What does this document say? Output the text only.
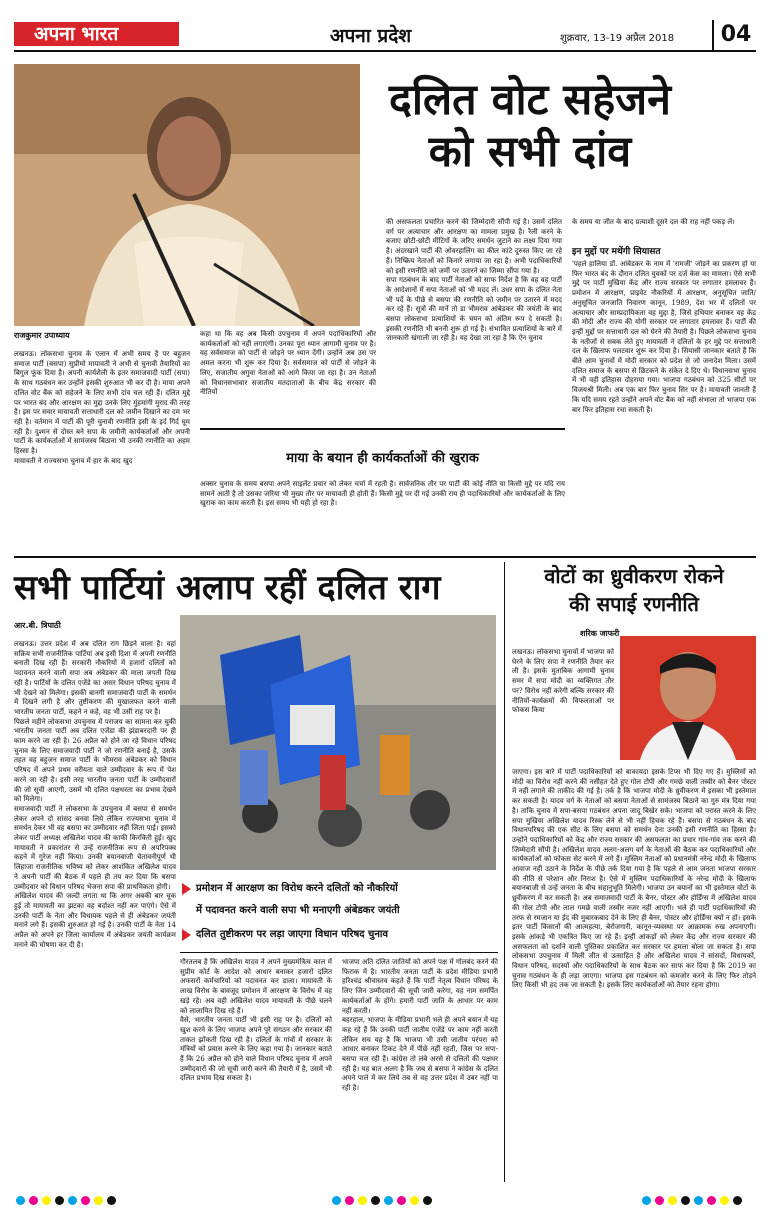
अपना भारत	अपना प्रदेश	शुक्रवार, 13-19 अप्रैल 2018	04
दलित वोट सहेजने
को सभी दांव
राजकुमार उपाध्याय
लखनऊ। लोकसभा चुनाव के एलान में अभी समय है पर बहुजन समाज पार्टी (बसपा) सुप्रीमो मायावती ने अभी से चुनावी तैयारियों का बिगुल फूंक दिया है। अपनी कार्यशैली के इतर समाजवादी पार्टी (सपा) के साथ गठबंधन कर उन्होंने इसकी शुरुआत भी कर दी है। माया अपने दलित वोट बैंक को सहेजने के लिए सभी दांव चल रही हैं। दलित मुद्दे पर भारत बंद और आरक्षण का मुद्दा उनके लिए मुंहमांगी मुराद की तरह है। इस पर सवार मायावती सत्ताधारी दल को जमीन दिखाने का दम भर रही है। वर्तमान में पार्टी की पूरी चुनावी रणनीति इसी के इर्द गिर्द घूम रही है। दुश्मन से दोस्त बने सपा के जमीनी कार्यकर्ताओं और अपनी पार्टी के कार्यकर्ताओं में सामंजस्य बिठाना भी उनकी रणनीति का अहम हिस्सा है।
मायावती ने राज्यसभा चुनाव में हार के बाद खुद
कहा था कि वह अब किसी उपचुनाव में अपने पदाधिकारियों और कार्यकर्ताओं को नहीं लगाएंगी। उनका पूरा ध्यान आगामी चुनाव पर है। वह सर्वसमाज को पार्टी से जोड़ने पर ध्यान देंगी। उन्होंने अब उस पर अमल करना भी शुरू कर दिया है। सर्वसमाज को पार्टी से जोड़ने के लिए, सजातीय अगुवा नेताओं को आगे किया जा रहा है। उन नेताओं को विधानसभावार सजातीय मतदाताओं के बीच केंद्र सरकार की नीतियों
की असफलता प्रचारित करने की जिम्मेदारी सौंपी गई है। उसमें दलित वर्ग पर अत्याचार और आरक्षण का मामला प्रमुख है। रैली करने के बजाए छोटी-छोटी मीटिंगों के जरिए समर्थन जुटाने का लक्ष्य दिया गया है। अंदरखाने पार्टी की ओवरहालिंग का कील कांटे दुरुस्त किए जा रहे हैं। निष्क्रिय नेताओं को किनारे लगाया जा रहा है। अभी पदाधिकारियों को इसी रणनीति को जमीं पर उतारने का जिम्मा सौंपा गया है।
सपा गठबंधन के बाद पार्टी नेताओं को साफ निर्देश है कि वह वह पार्टी के आदेशानों में सपा नेताओं को भी मदद लें। उधर सपा के दलित नेता भी पर्दे के पीछे से बसपा की रणनीति को जमीन पर उतारने में मदद कर रहे हैं। सूत्रों की मानें तो डा भीमराव आंबेडकर की जयंती के बाद बसपा लोकसभा प्रत्याशियों के चयन को अंतिम रूप दे सकती है। इसकी रणनीति भी बननी शुरू हो गई है। संभावित प्रत्याशियों के बारे में जानकारी खंगाली जा रही है। यह देखा जा रहा है कि ऐन चुनाव
के समय या जीत के बाद प्रत्याशी दूसरे दल की राह नहीं पकड़ लें।
इन मुद्दों पर मथेंगी सियासत
'पहले हालिया डॉ. आंबेडकर के नाम में 'रामजी' जोड़ने का प्रकरण हो या फिर भारत बंद के दौरान दलित युवकों पर दर्ज केस का मामला। ऐसे सभी मुद्दे पर पार्टी मुखिया केंद्र और राज्य सरकार पर लगातार हमलावर हैं। प्रमोशन में आरक्षण, प्राइवेट नौकरियों में आरक्षण, अनुसूचित जाति/अनुसूचित जनजाति निवारण कानून, 1989, देश भर में दलितों पर अत्याचार और साम्प्रदायिकता वह मुद्दा है, जिसे हथियार बनाकर वह केंद्र की मोदी और राज्य की योगी सरकार पर लगातार हमलावर हैं। पार्टी की इन्हीं मुद्दों पर सत्ताधारी दल को घेरने की तैयारी है। पिछले लोकसभा चुनाव के नतीजों से सबक लेते हुए मायावती ने दलितों के हर मुद्दे पर सत्ताधारी दल के खिलाफ पलटवार शुरू कर दिया है। सियासी जानकार बताते हैं कि बीते आम चुनावों में मोदी सरकार को प्रदेश से जो जनादेश मिला। उसमें दलित समाज के बसपा से छिटकने के संकेत दे दिए थे। विधानसभा चुनाव में भी वही इतिहास दोहराया गया। भाजपा गठबंधन को 325 सीटों पर विजयश्री मिली। अब एक बार फिर चुनाव सिर पर है। मायावती जानती हैं कि यदि समय रहते उन्होंने अपने वोट बैंक को नहीं संभाला तो भाजपा एक बार फिर इतिहास रचा सकती है।
माया के बयान ही कार्यकर्ताओं की खुराक
अक्सर चुनाव के समय बसपा अपने साइलेंट प्रचार को लेकर चर्चा में रहती है। सार्वजनिक तौर पर पार्टी की कोई नीति या किसी मुद्दे पर यदि राय सामने आती है तो उसका जरिया भी मुख्य तौर पर मायावती ही होती हैं। किसी मुद्दे पर दी गई उनकी राय ही पदाधिकारियों और कार्यकर्ताओं के लिए खुराक का काम करती है। इस समय भी यही हो रहा है।
सभी पार्टियां अलाप रहीं दलित राग
आर.बी. त्रिपाठी
लखनऊ। उत्तर प्रदेश में अब दलित राग छिड़ने वाला है। वहां सक्रिय सभी राजनीतिक पार्टियां अब इसी दिशा में अपनी रणनीति बनाती दिख रही हैं। सरकारी नौकरियों में हजारों दलितों को पदावनत करने वाली सपा अब अंबेडकर की माला जपती दिख रही है। पार्टियों के दलित एजेंडे का असर विधान परिषद चुनाव में भी देखने को मिलेगा। इसकी बानगी समाजवादी पार्टी के समर्थन में दिखने लगी है और तुष्टीकरण की मुखालफत करने वाली भारतीय जनता पार्टी, कहने न कहे, वह भी उसी राह पर है।
पिछले महीने लोकसभा उपचुनाव में पराजय का सामना कर चुकी भारतीय जनता पार्टी अब दलित एजेंडा की झंडाबरदारी पर ही काम करने जा रही है। 26 अप्रैल को होने जा रहे विधान परिषद चुनाव के लिए समाजवादी पार्टी ने जो रणनीति बनाई है, उसके तहत वह बहुजन समाज पार्टी के भीमराव अंबेडकर को विधान परिषद में अपने प्रथम वरीयता वाले उम्मीदवार के रूप में पेश करने जा रही है। इसी तरह भारतीय जनता पार्टी के उम्मीदवारों की जो सूची आएगी, उसमें भी दलित पक्षधरता का प्रभाव देखने को मिलेगा।
समाजवादी पार्टी ने लोकसभा के उपचुनाव में बसपा से समर्थन लेकर अपने दो सांसद बनवा लिये लेकिन राज्यसभा चुनाव में समर्थन देकर भी वह बसपा का उम्मीदवार नहीं जिता पाई। इसको लेकर पार्टी अध्यक्ष अखिलेश यादव की काफी किरकिरी हुई। खुद मायावती ने प्रकारांतर से उन्हें राजनीतिक रूप से अपरिपक्व कहने में गुरेज नहीं किया। उनकी बयानबाजी चेतावनीपूर्ण थी लिहाजा राजनीतिक भविष्य को लेकर आशंकित अखिलेश यादव ने अपनी पार्टी की बैठक में पहले ही तय कर दिया कि बसपा उम्मीदवार को विधान परिषद भेजना सपा की प्राथमिकता होगी।
अखिलेश यादव की जल्दी लगता था कि अगर अबकी बार चूक हुई तो मायावती का झटका वह बर्दाश्त नहीं कर पाएंगे। ऐसे में उनकी पार्टी के नेता और विधायक पहले से ही अंबेडकर जयंती मनाने लगे हैं। इसकी शुरुआत हो गई है। उनकी पार्टी के नेता 14 अप्रैल को अपने हर जिला कार्यालय में अंबेडकर जयंती कार्यक्रम मनाने की घोषणा कर दी है।
प्रमोशन में आरक्षण का विरोध करने दलितों को नौकरियों
में पदावनत करने वाली सपा भी मनाएगी अंबेडकर जयंती
दलित तुष्टीकरण पर लड़ा जाएगा विधान परिषद चुनाव
गौरतलब है कि अखिलेश यादव ने अपने मुख्यमंत्रित्व काल में सुप्रीम कोर्ट के आदेश को आधार बनाकर हजारों दलित अफसरों कर्मचारियों को पदावनत कर डाला। मायावती के लाख विरोध के बावजूद प्रमोशन में आरक्षण के विरोध में वह खड़े रहे। अब वही अखिलेश यादव मायावती के पीछे चलने को लालायित दिख रहे हैं।
वैसे, भारतीय जनता पार्टी भी इसी राह पर है। दलितों को खुश करने के लिए भाजपा अपने पूरे संगठन और सरकार की ताकत झोंकती दिख रही है। दलितों के गांवों में सरकार के मंत्रियों को प्रवास करने के लिए कहा गया है। जानकार बताते हैं कि 26 अप्रैल को होने वाले विधान परिषद चुनाव में अपने उम्मीदवारों की जो सूची जारी करने की तैयारी में है, उसमें भी दलित प्रभाव दिख सकता है।
भाजपा अति दलित जातियों को अपने पक्ष में गोलबंद करने की फिराक में है। भारतीय जनता पार्टी के प्रदेश मीडिया प्रभारी हरिश्चंद्र श्रीवास्तव कहते हैं कि पार्टी नेतृत्व विधान परिषद के लिए जिन उम्मीदवारों की सूची जारी करेगा, वह नाम समर्पित कार्यकर्ताओं के होंगे। हमारी पार्टी जाति के आधार पर काम नहीं करती।
बहरहाल, भाजपा के मीडिया प्रभारी भले ही अपने बयान में यह कह रहे हैं कि उनकी पार्टी जातीय एजेंडे पर काम नहीं करती लेकिन सच यह है कि भाजपा भी उसी जातीय परंपरा को आधार बनाकर टिकट देने में पीछे नहीं रहती, जिस पर सपा-बसपा चल रही हैं। कांग्रेस तो लंबे अरसे से दलितों की पक्षधर रही है। यह बात अलग है कि जब से बसपा ने कांग्रेस के दलित अपने पाले में कर लिये तब से वह उत्तर प्रदेश में उबर नहीं पा रही है।
वोटों का ध्रुवीकरण रोकने
की सपाई रणनीति
शरिक जाफरी
लखनऊ। लोकसभा चुनावों में भाजपा को घेरने के लिए सपा ने रणनीति तैयार कर ली है। इसके मुताबिक आगामी चुनाव समर में सपा मोदी का व्यक्तिगत तौर पर? विरोध नहीं करेगी बल्कि सरकार की नीतियों-कार्यक्रमों की विफलताओं पर फोकस किया
जाएगा। इस बारे में पार्टी पदाधिकारियों को बाकायदा इसके टिप्स भी दिए गए हैं। मुस्लिमों को मोदी का विरोध नहीं करने की नसीहत देते हुए गोल टोपी और गमछे वाली तस्वीर को बैनर पोस्टर में नहीं लगाने की ताकीद की गई है। तर्क है कि भाजपा मोदी के ध्रुवीकरण में इसका भी इस्तेमाल कर सकती है। यादव वर्ग के नेताओं को बसपा नेताओं से सामंजस्य बिठाने का गुरु मंत्र दिया गया है। ताकि चुनाव में सपा-बसपा गठबंधन अपना जादू बिखेर सके। भाजपा को परास्त करने के लिए सपा मुखिया अखिलेश यादव रिस्क लेने से भी नहीं हिचक रहे हैं। बसपा से गठबंधन के बाद विधानपरिषद की एक सीट के लिए बसपा को समर्थन देना उनकी इसी रणनीति का हिस्सा है। उन्होंने पदाधिकारियों को केंद्र और राज्य सरकार की असफलता का प्रचार गांव-गांव तक करने की जिम्मेदारी सौंपी है। अखिलेश यादव अलग-अलग वर्ग के नेताओं की बैठक कर पदाधिकारियों और कार्यकर्ताओं को फोकस सेट करने में लगे हैं। मुस्लिम नेताओं को प्रधानमंत्री नरेन्द्र मोदी के खिलाफ आवाज नहीं उठाने के निर्देश के पीछे तर्क दिया गया है कि पहले से आम जनता भाजपा सरकार की नीति से परेशान और निराश है। ऐसे में मुस्लिम पदाधिकारियों के नरेन्द्र मोदी के खिलाफ बयानबाजी से उन्हें जनता के बीच सहानुभूति मिलेगी। भाजपा उन बयानों का भी इस्तेमाल वोटों के ध्रुवीकरण में कर सकती है। अब समाजवादी पार्टी के बैनर, पोस्टर और होर्डिंग्स में अखिलेश यादव की गोल टोपी और लाल गमछे वाली तस्वीर नजर नहीं आएगी। भले ही पार्टी पदाधिकारियों की तरफ से रमजान या ईद की मुबारकबाद देने के लिए ही बैनर, पोस्टर और होर्डिंग्स क्यों न हों। इसके इतर पार्टी किसानों की आत्महत्या, बेरोजगारी, कानून-व्यवस्था पर आक्रामक रुख अपनाएगी। इसके आंकड़े भी एकत्रित किए जा रहे हैं। इन्हीं आंकड़ों को लेकर केंद्र और राज्य सरकार की असफलता को दर्शाने वाली पुस्तिका प्रकाशित कर सरकार पर हमला बोला जा सकता है। सपा लोकसभा उपचुनाव में मिली जीत से उत्साहित है और अखिलेश यादव ने सांसदों, विधायकों, विधान परिषद, सदस्यों और पदाधिकारियों के साथ बैठक कर साफ कर दिया है कि 2019 का चुनाव गठबंधन के ही लड़ा जाएगा। भाजपा इस गठबंधन को कमजोर करने के लिए फिर तोड़ने लिए किसी भी हद तक जा सकती है। इसके लिए कार्यकर्ताओं को तैयार रहना होगा।
